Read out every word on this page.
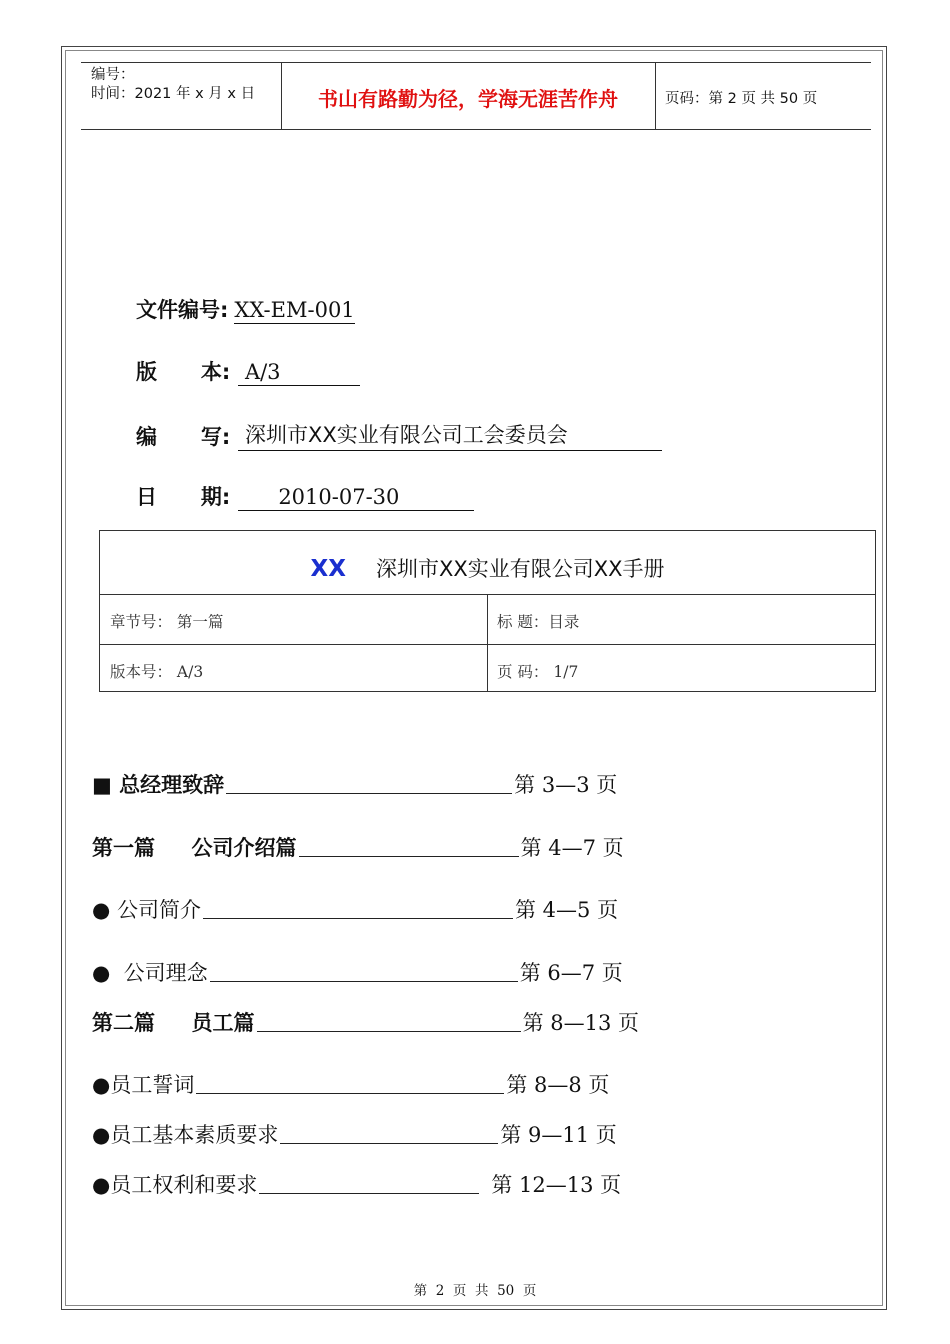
编号：
时间：2021 年 x 月 x 日	书山有路勤为径，学海无涯苦作舟	页码：第 2 页 共 50 页
文件编号: XX-EM-001
版      本: A/3
编      写: 深圳市XX实业有限公司工会委员会
日      期: 2010-07-30
XX 深圳市XX实业有限公司XX手册
章节号： 第一篇	标 题：目录
版本号： A/3	页 码： 1/7
■ 总经理致辞	第 3—3 页
第一篇     公司介绍篇	第 4—7 页
● 公司简介	第 4—5 页
●  公司理念	第 6—7 页
第二篇     员工篇	第 8—13 页
●员工誓词	第 8—8 页
●员工基本素质要求	第 9—11 页
●员工权利和要求	第 12—13 页
第  2  页  共  50  页
